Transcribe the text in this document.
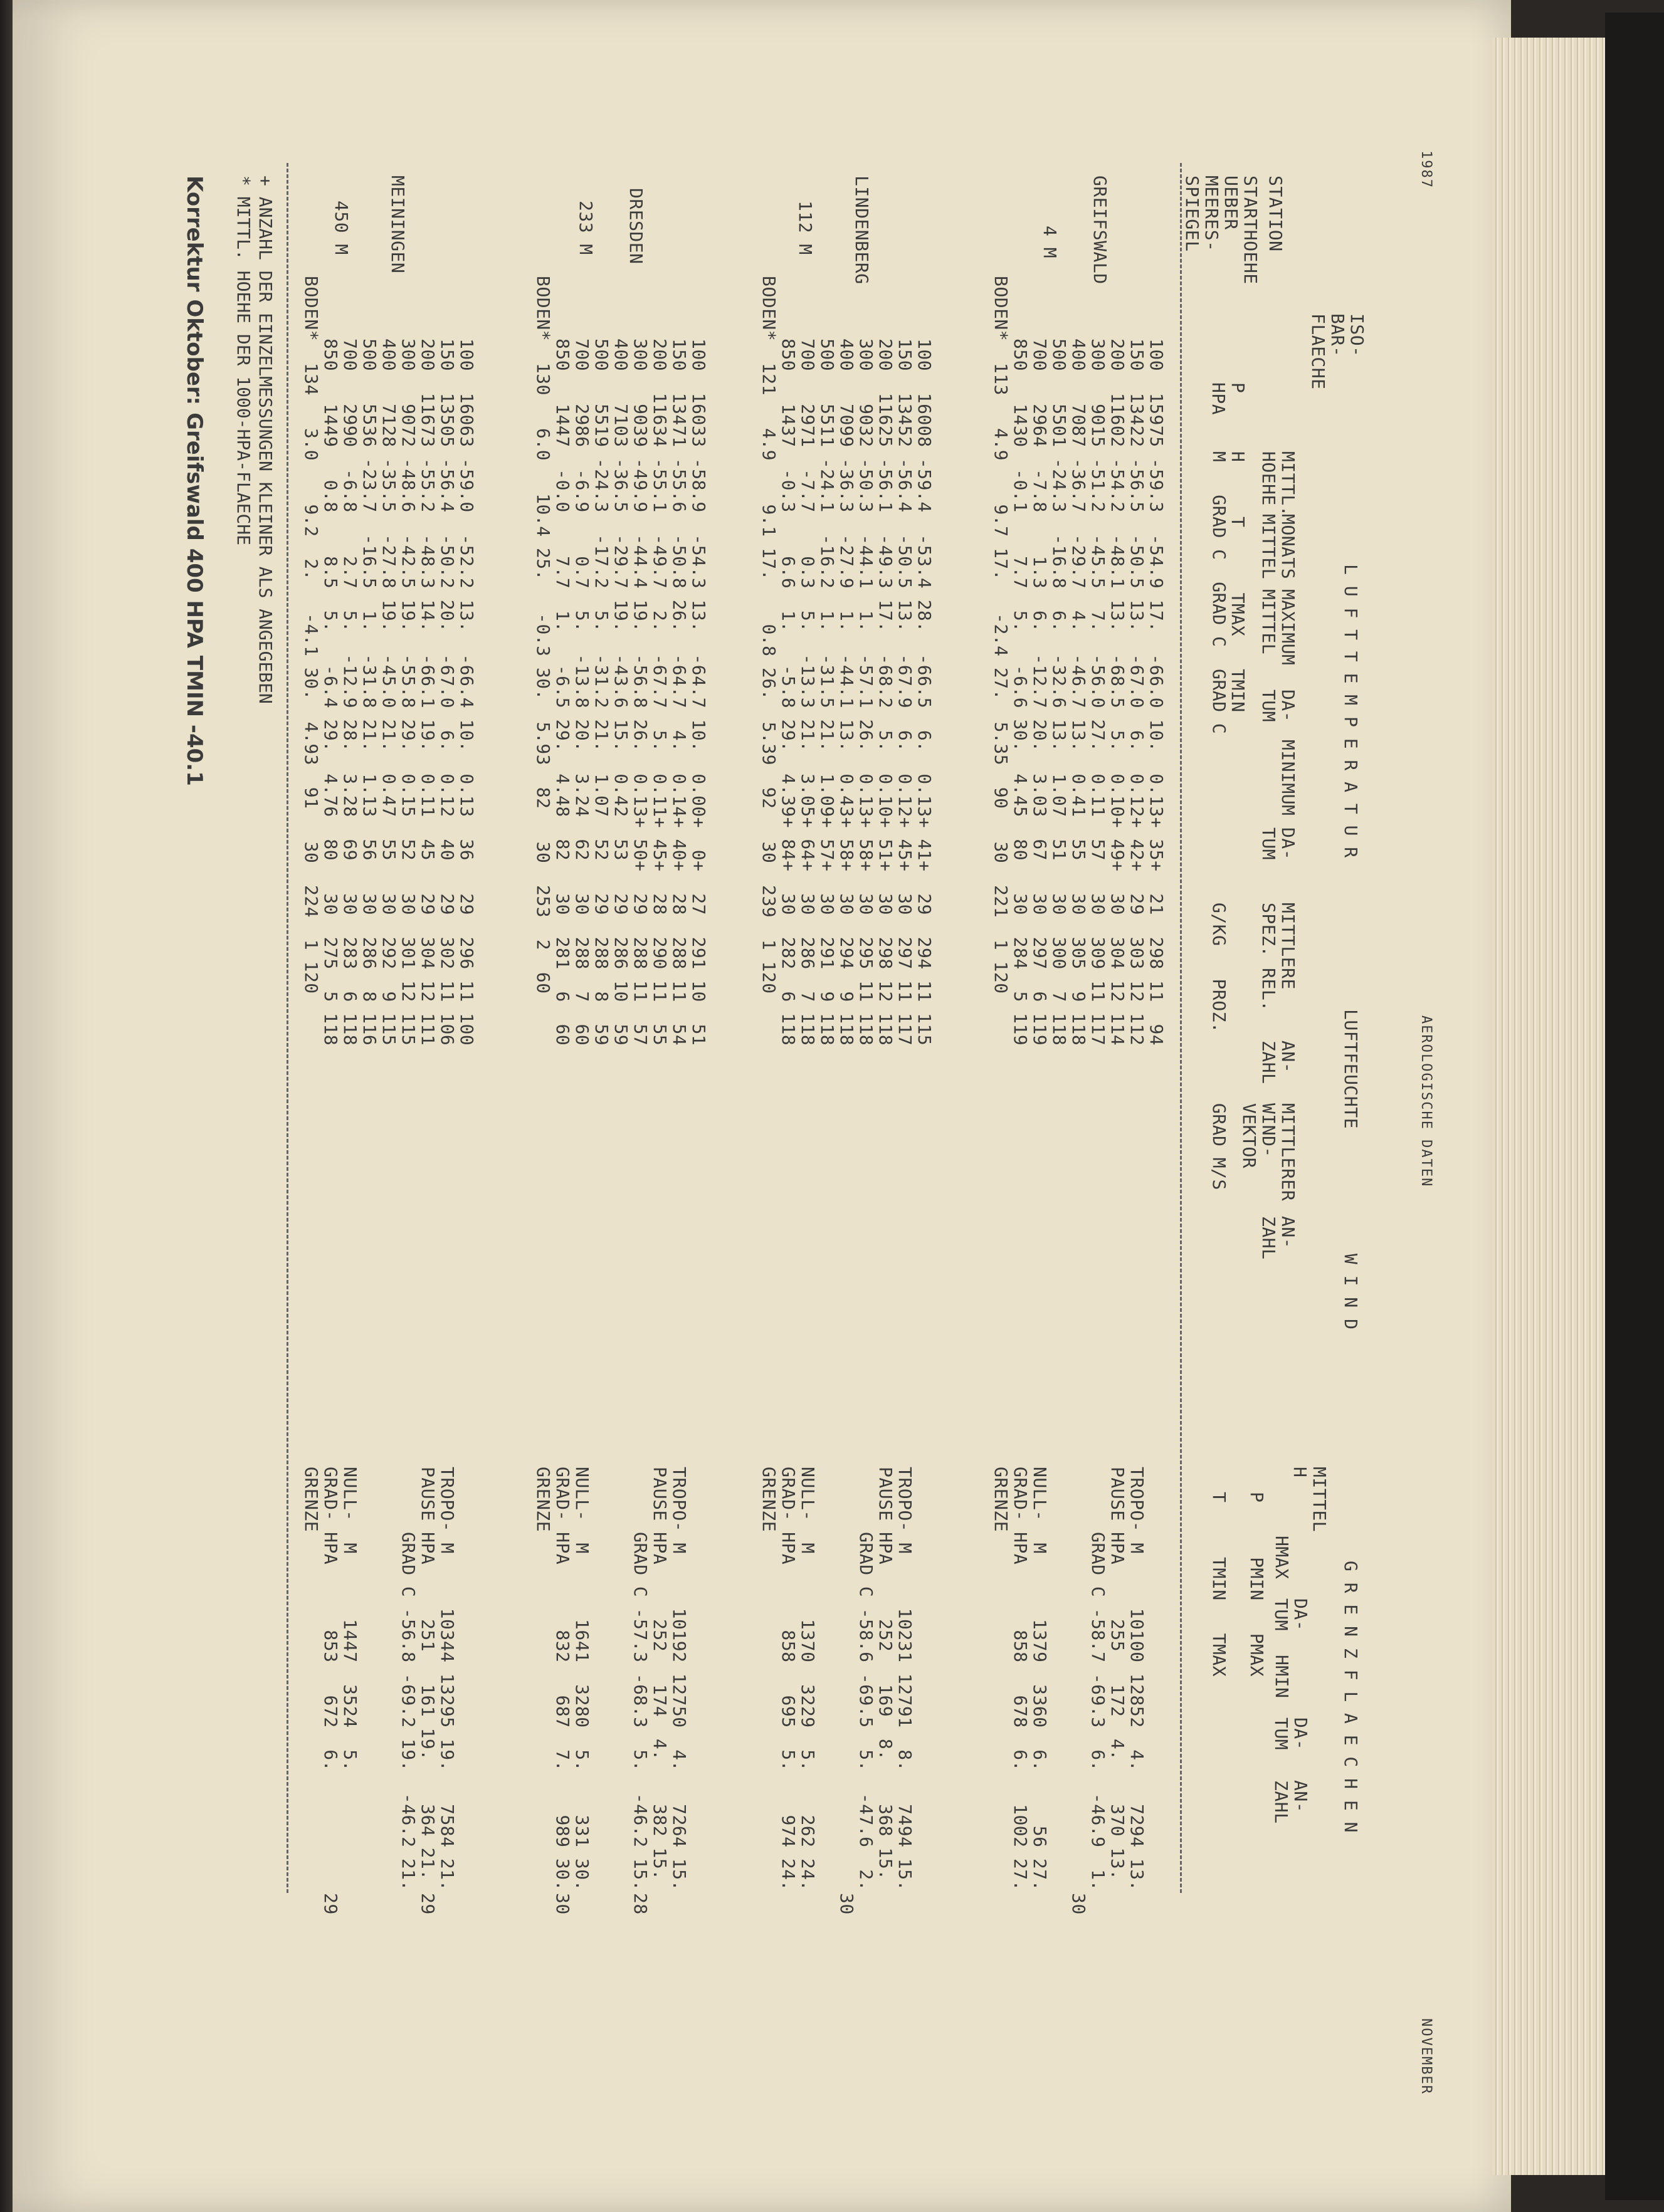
1987
AEROLOGISCHE DATEN
NOVEMBER
STATION
STARTHOEHE
UEBER
MEERES-
SPIEGEL
ISO-
BAR-
FLAECHE
P
HPA
L U F T T E M P E R A T U R
LUFTFEUCHTE
W I N D
G R E N Z F L A E C H E N
MITTL.
HOEHE
MONATS
MITTEL
MAXIMUM
MITTEL
DA-
TUM
MINIMUM
DA-
TUM
MITTLERE
SPEZ. REL.
AN-
ZAHL
MITTLERER
WIND-
VEKTOR
AN-
ZAHL
MITTEL
H
HMAX
DA-
TUM
HMIN
DA-
TUM
AN-
ZAHL
H     T      TMAX   TMIN
M   GRAD C  GRAD C  GRAD C
G/KG   PROZ.
GRAD M/S
P     PMIN   PMAX
T     TMIN   TMAX
GREIFSWALD
4 M
100  15975 -59.3  -54.9 17.  -66.0 10.  0.13+ 35+  21  298 11  94
150  13422 -56.5  -50.5 13.  -67.0  6.  0.12+ 42+  29  303 12 112
200  11602 -54.2  -48.1 13.  -68.5  5.  0.10+ 49+  30  304 12 114
300   9015 -51.2  -45.5  7.  -56.0 27.  0.11  57   30  309 11 117
400   7087 -36.7  -29.7  4.  -46.7 13.  0.41  55   30  305  9 118
500   5501 -24.3  -16.8  6.  -32.6 13.  1.07  51   30  300  7 118
700   2964  -7.8    1.3  6.  -12.7 20.  3.03  67   30  297  6 119
850   1430  -0.1    7.7  5.   -6.6 30.  4.45  80   30  284  5 119
BODEN*  113   4.9    9.7 17.   -2.4 27.  5.35  90   30  221  1 120
TROPO- M     10100 12852  4.   7294 13.
PAUSE HPA     255   172  4.    370 13.
GRAD C -58.7 -69.3  6.  -46.9  1.
NULL-  M      1379  3360  6.     56 27.
GRAD- HPA      858   678  6.   1002 27.
GRENZE
30
LINDENBERG
112 M
100  16008 -59.4  -53.4 28.  -66.5  6.  0.13+ 41+  29  294 11 115
150  13452 -56.4  -50.5 13.  -67.9  6.  0.12+ 45+  30  297 11 117
200  11625 -56.1  -49.3 17.  -68.2  5.  0.10+ 51+  30  298 12 118
300   9032 -50.3  -44.1  1.  -57.1 26.  0.13+ 58+  30  295 11 118
400   7099 -36.3  -27.9  1.  -44.1 13.  0.43+ 58+  30  294  9 118
500   5511 -24.1  -16.2  1.  -31.5 21.  1.09+ 57+  30  291  9 118
700   2971  -7.7    0.3  5.  -13.3 21.  3.05+ 64+  30  286  7 118
850   1437  -0.3    6.6  1.   -5.8 29.  4.39+ 84+  30  282  6 118
BODEN*  121   4.9    9.1 17.    0.8 26.  5.39  92   30  239  1 120
TROPO- M     10231 12791  8.   7494 15.
PAUSE HPA     252   169  8.    368 15.
GRAD C -58.6 -69.5  5.  -47.6  2.
NULL-  M      1370  3229  5.    262 24.
GRAD- HPA      858   695  5.    974 24.
GRENZE
30
DRESDEN
233 M
100  16033 -58.9  -54.3 13.  -64.7 10.  0.00+  0+  27  291 10  51
150  13471 -55.6  -50.8 26.  -64.7  4.  0.14+ 40+  28  288 11  54
200  11634 -55.1  -49.7  2.  -67.7  5.  0.11+ 45+  28  290 11  55
300   9039 -49.9  -44.4 19.  -56.8 26.  0.13+ 50+  29  288 11  57
400   7103 -36.5  -29.7 19.  -43.6 15.  0.42  53   29  286 10  59
500   5519 -24.3  -17.2  5.  -31.2 21.  1.07  52   29  288  8  59
700   2986  -6.9    0.7  5.  -13.8 20.  3.24  62   30  288  7  60
850   1447  -0.0    7.7  1.   -6.5 29.  4.48  82   30  281  6  60
BODEN*  130   6.0   10.4 25.   -0.3 30.  5.93  82   30  253  2  60
TROPO- M     10192 12750  4.   7264 15.
PAUSE HPA     252   174  4.    382 15.
GRAD C -57.3 -68.3  5.  -46.2 15.
NULL-  M      1641  3280  5.    331 30.
GRAD- HPA      832   687  7.    989 30.
GRENZE
28
30
MEININGEN
450 M
100  16063 -59.0  -52.2 13.  -66.4 10.  0.13  36   29  296 11 100
150  13505 -56.4  -50.2 20.  -67.0  6.  0.12  40   29  302 11 106
200  11673 -55.2  -48.3 14.  -66.1 19.  0.11  45   29  304 12 111
300   9072 -48.6  -42.5 19.  -55.8 29.  0.15  52   30  301 12 115
400   7128 -35.5  -27.8 19.  -45.0 21.  0.47  55   30  292  9 115
500   5536 -23.7  -16.5  1.  -31.8 21.  1.13  56   30  286  8 116
700   2990  -6.8    2.7  5.  -12.9 28.  3.28  69   30  283  6 118
850   1449   0.8    8.5  5.   -6.4 29.  4.76  80   30  275  5 118
BODEN*  134   3.0    9.2  2.   -4.1 30.  4.93  91   30  224  1 120
TROPO- M     10344 13295 19.   7584 21.
PAUSE HPA     251   161 19.    364 21.
GRAD C -56.8 -69.2 19.  -46.2 21.
NULL-  M      1447  3524  5.
GRAD- HPA      853   672  6.
GRENZE
29
29
+ ANZAHL DER EINZELMESSUNGEN KLEINER ALS ANGEGEBEN
* MITTL. HOEHE DER 1000-HPA-FLAECHE
Korrektur Oktober: Greifswald 400 HPA TMIN -40.1
